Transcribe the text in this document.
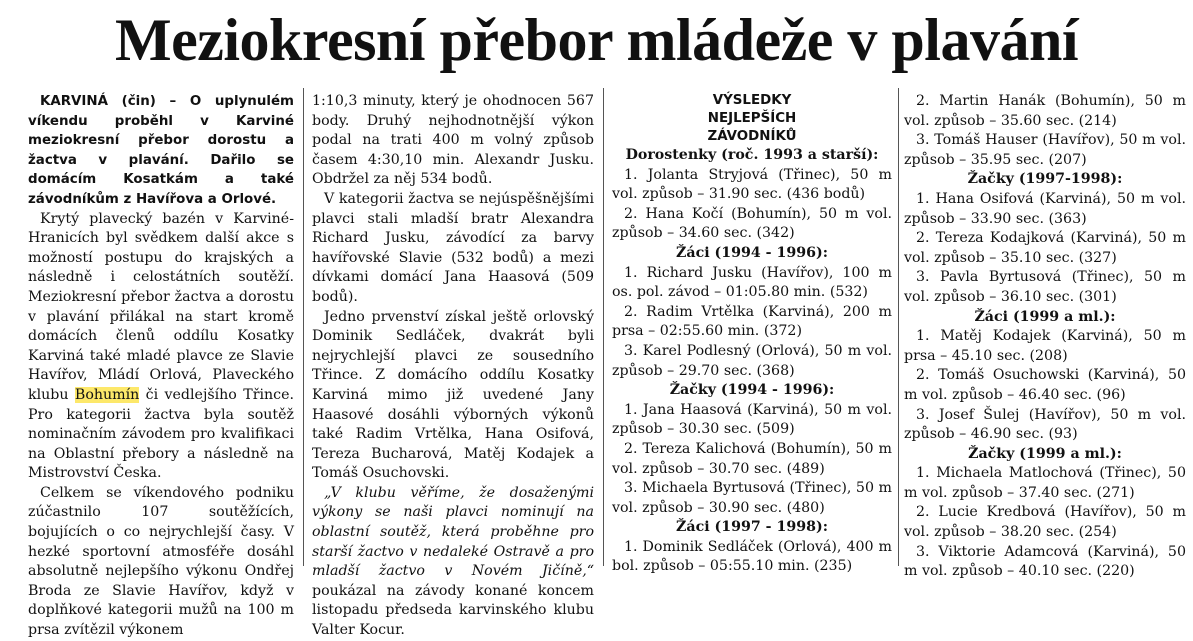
Meziokresní přebor mládeže v plavání

KARVINÁ (čin) – O uplynulém víkendu proběhl v Karviné meziokresní přebor dorostu a žactva v plavání. Dařilo se domácím Kosatkám a také závodníkům z Havířova a Orlové.

Krytý plavecký bazén v Karviné-Hranicích byl svědkem další akce s možností postupu do krajských a následně i celostátních soutěží. Meziokresní přebor žactva a dorostu v plavání přilákal na start kromě domácích členů oddílu Kosatky Karviná také mladé plavce ze Slavie Havířov, Mládí Orlová, Plaveckého klubu Bohumín či vedlejšího Třince. Pro kategorii žactva byla soutěž nominačním závodem pro kvalifikaci na Oblastní přebory a následně na Mistrovství Česka.

Celkem se víkendového podniku zúčastnilo 107 soutěžících, bojujících o co nejrychlejší časy. V hezké sportovní atmosféře dosáhl absolutně nejlepšího výkonu Ondřej Broda ze Slavie Havířov, když v doplňkové kategorii mužů na 100 m prsa zvítězil výkonem

1:10,3 minuty, který je ohodnocen 567 body. Druhý nejhodnotnější výkon podal na trati 400 m volný způsob časem 4:30,10 min. Alexandr Jusku. Obdržel za něj 534 bodů.

V kategorii žactva se nejúspěšnějšími plavci stali mladší bratr Alexandra Richard Jusku, závodící za barvy havířovské Slavie (532 bodů) a mezi dívkami domácí Jana Haasová (509 bodů).

Jedno prvenství získal ještě orlovský Dominik Sedláček, dvakrát byli nejrychlejší plavci ze sousedního Třince. Z domácího oddílu Kosatky Karviná mimo již uvedené Jany Haasové dosáhli výborných výkonů také Radim Vrtělka, Hana Osifová, Tereza Bucharová, Matěj Kodajek a Tomáš Osuchovski.

„V klubu věříme, že dosaženými výkony se naši plavci nominují na oblastní soutěž, která proběhne pro starší žactvo v nedaleké Ostravě a pro mladší žactvo v Novém Jičíně,“ poukázal na závody konané koncem listopadu předseda karvinského klubu Valter Kocur.

VÝSLEDKY
NEJLEPŠÍCH
ZÁVODNÍKŮ

Dorostenky (roč. 1993 a starší):

1. Jolanta Stryjová (Třinec), 50 m vol. způsob – 31.90 sec. (436 bodů)

2. Hana Kočí (Bohumín), 50 m vol. způsob – 34.60 sec. (342)

Žáci (1994 - 1996):

1. Richard Jusku (Havířov), 100 m os. pol. závod – 01:05.80 min. (532)

2. Radim Vrtělka (Karviná), 200 m prsa – 02:55.60 min. (372)

3. Karel Podlesný (Orlová), 50 m vol. způsob – 29.70 sec. (368)

Žačky (1994 - 1996):

1. Jana Haasová (Karviná), 50 m vol. způsob – 30.30 sec. (509)

2. Tereza Kalichová (Bohumín), 50 m vol. způsob – 30.70 sec. (489)

3. Michaela Byrtusová (Třinec), 50 m vol. způsob – 30.90 sec. (480)

Žáci (1997 - 1998):

1. Dominik Sedláček (Orlová), 400 m bol. způsob – 05:55.10 min. (235)

2. Martin Hanák (Bohumín), 50 m vol. způsob – 35.60 sec. (214)

3. Tomáš Hauser (Havířov), 50 m vol. způsob – 35.95 sec. (207)

Žačky (1997-1998):

1. Hana Osifová (Karviná), 50 m vol. způsob – 33.90 sec. (363)

2. Tereza Kodajková (Karviná), 50 m vol. způsob – 35.10 sec. (327)

3. Pavla Byrtusová (Třinec), 50 m vol. způsob – 36.10 sec. (301)

Žáci (1999 a ml.):

1. Matěj Kodajek (Karviná), 50 m prsa – 45.10 sec. (208)

2. Tomáš Osuchowski (Karviná), 50 m vol. způsob – 46.40 sec. (96)

3. Josef Šulej (Havířov), 50 m vol. způsob – 46.90 sec. (93)

Žačky (1999 a ml.):

1. Michaela Matlochová (Třinec), 50 m vol. způsob – 37.40 sec. (271)

2. Lucie Kredbová (Havířov), 50 m vol. způsob – 38.20 sec. (254)

3. Viktorie Adamcová (Karviná), 50 m vol. způsob – 40.10 sec. (220)
